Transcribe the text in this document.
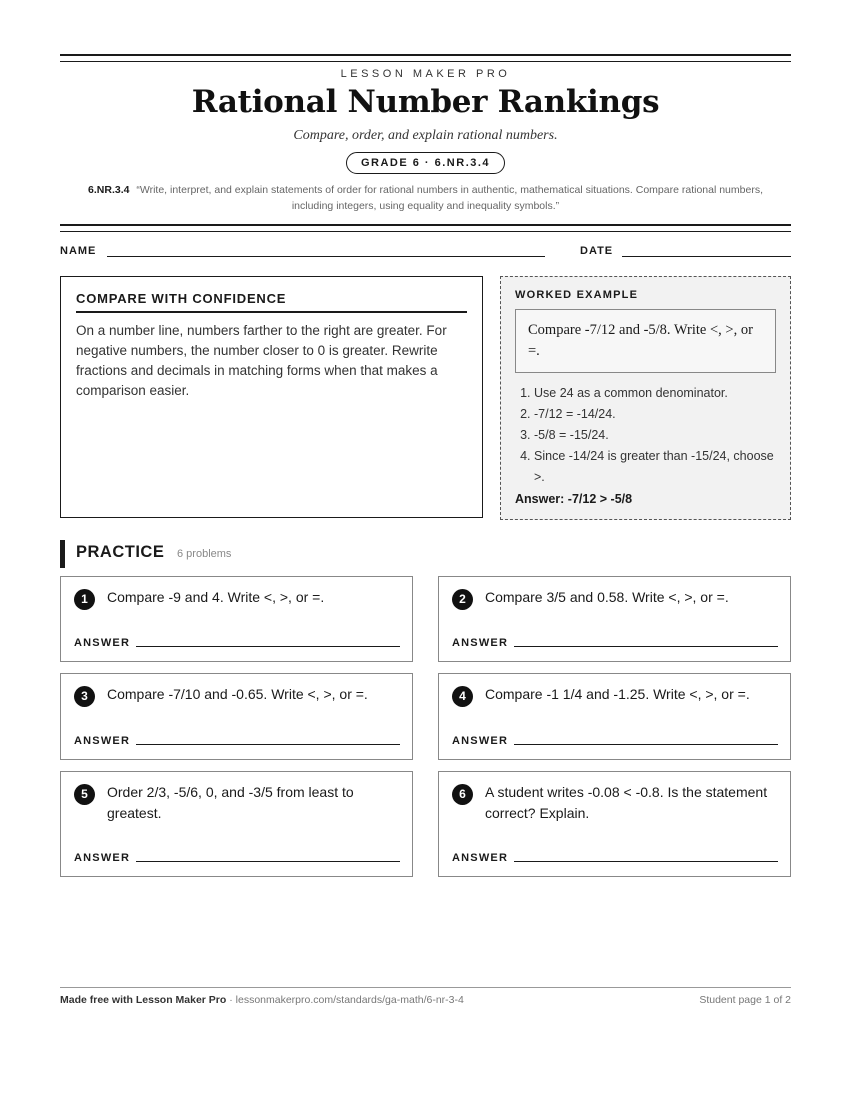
LESSON MAKER PRO
Rational Number Rankings
Compare, order, and explain rational numbers.
GRADE 6 · 6.NR.3.4
6.NR.3.4 “Write, interpret, and explain statements of order for rational numbers in authentic, mathematical situations. Compare rational numbers, including integers, using equality and inequality symbols.”
NAME	DATE
COMPARE WITH CONFIDENCE
On a number line, numbers farther to the right are greater. For negative numbers, the number closer to 0 is greater. Rewrite fractions and decimals in matching forms when that makes a comparison easier.
WORKED EXAMPLE
Compare -7/12 and -5/8. Write <, >, or =.
1. Use 24 as a common denominator.
2. -7/12 = -14/24.
3. -5/8 = -15/24.
4. Since -14/24 is greater than -15/24, choose >.
Answer: -7/12 > -5/8
PRACTICE 6 problems
1	Compare -9 and 4. Write <, >, or =.
ANSWER
2	Compare 3/5 and 0.58. Write <, >, or =.
ANSWER
3	Compare -7/10 and -0.65. Write <, >, or =.
ANSWER
4	Compare -1 1/4 and -1.25. Write <, >, or =.
ANSWER
5	Order 2/3, -5/6, 0, and -3/5 from least to greatest.
ANSWER
6	A student writes -0.08 < -0.8. Is the statement correct? Explain.
ANSWER
Made free with Lesson Maker Pro · lessonmakerpro.com/standards/ga-math/6-nr-3-4	Student page 1 of 2
